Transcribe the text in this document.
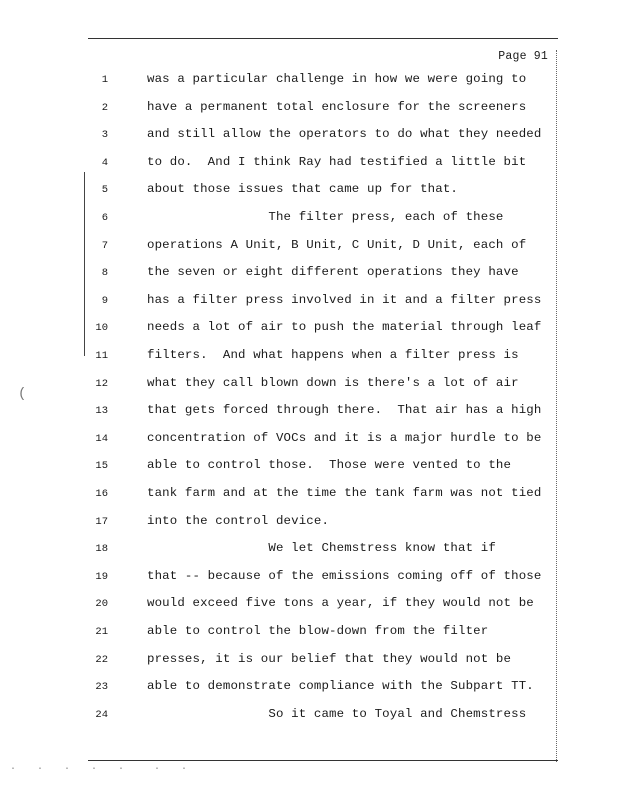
(
Page 91
1	was a particular challenge in how we were going to
2	have a permanent total enclosure for the screeners
3	and still allow the operators to do what they needed
4	to do.  And I think Ray had testified a little bit
5	about those issues that came up for that.
6	The filter press, each of these
7	operations A Unit, B Unit, C Unit, D Unit, each of
8	the seven or eight different operations they have
9	has a filter press involved in it and a filter press
10	needs a lot of air to push the material through leaf
11	filters.  And what happens when a filter press is
12	what they call blown down is there's a lot of air
13	that gets forced through there.  That air has a high
14	concentration of VOCs and it is a major hurdle to be
15	able to control those.  Those were vented to the
16	tank farm and at the time the tank farm was not tied
17	into the control device.
18	We let Chemstress know that if
19	that -- because of the emissions coming off of those
20	would exceed five tons a year, if they would not be
21	able to control the blow-down from the filter
22	presses, it is our belief that they would not be
23	able to demonstrate compliance with the Subpart TT.
24	So it came to Toyal and Chemstress
.  .  .  .  .   .  .
